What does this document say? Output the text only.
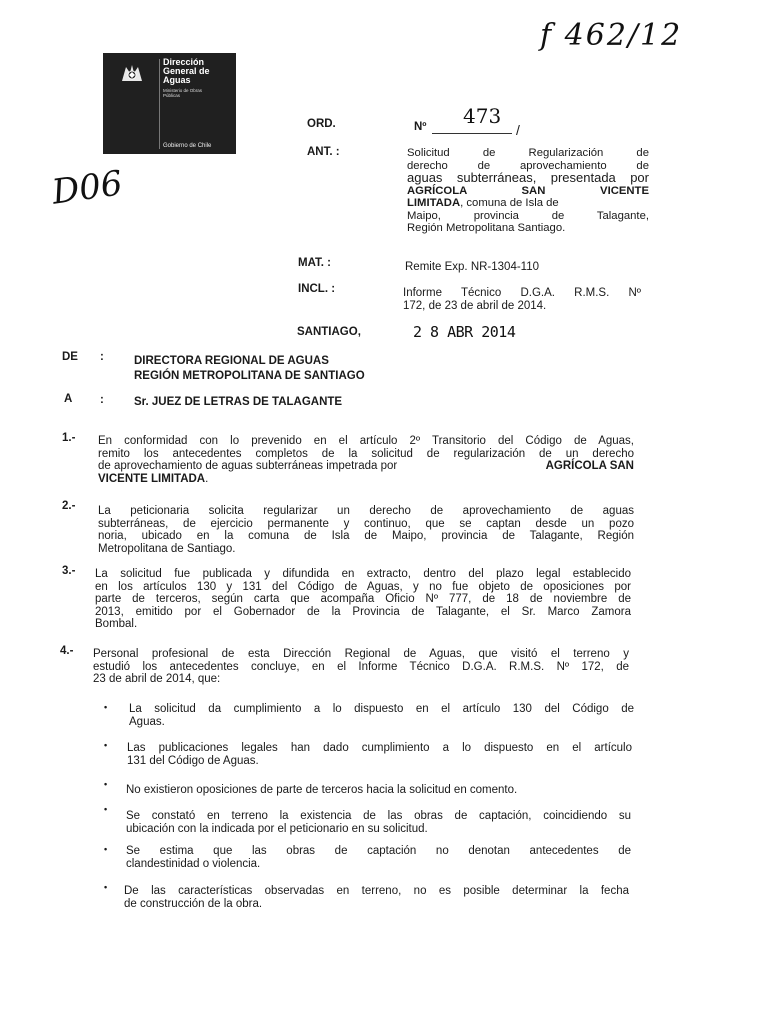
Dirección
General de
Aguas
Ministerio de Obras Públicas
Gobierno de Chile
f 462/12
D06
ORD.	Nº 473
/
ANT. :	Solicitud de Regularización de
derecho de aprovechamiento de
aguas subterráneas, presentada por
AGRÍCOLA SAN VICENTE
LIMITADA, comuna de Isla de
Maipo, provincia de Talagante,
Región Metropolitana Santiago.
MAT. :	Remite Exp. NR-1304-110
INCL. :	Informe Técnico D.G.A. R.M.S. Nº
172, de 23 de abril de 2014.
SANTIAGO,	2 8 ABR 2014
DE :	DIRECTORA REGIONAL DE AGUAS
REGIÓN METROPOLITANA DE SANTIAGO
A :	Sr. JUEZ DE LETRAS DE TALAGANTE
1.- En conformidad con lo prevenido en el artículo 2º Transitorio del Código de Aguas,
remito los antecedentes completos de la solicitud de regularización de un derecho
de aprovechamiento de aguas subterráneas impetrada por	AGRÍCOLA SAN
VICENTE LIMITADA.
2.- La peticionaria solicita regularizar un derecho de aprovechamiento de aguas
subterráneas, de ejercicio permanente y continuo, que se captan desde un pozo
noria, ubicado en la comuna de Isla de Maipo, provincia de Talagante, Región
Metropolitana de Santiago.
3.- La solicitud fue publicada y difundida en extracto, dentro del plazo legal establecido
en los artículos 130 y 131 del Código de Aguas, y no fue objeto de oposiciones por
parte de terceros, según carta que acompaña Oficio Nº 777, de 18 de noviembre de
2013, emitido por el Gobernador de la Provincia de Talagante, el Sr. Marco Zamora
Bombal.
4.- Personal profesional de esta Dirección Regional de Aguas, que visitó el terreno y
estudió los antecedentes concluye, en el Informe Técnico D.G.A. R.M.S. Nº 172, de
23 de abril de 2014, que:
• La solicitud da cumplimiento a lo dispuesto en el artículo 130 del Código de
Aguas.
• Las publicaciones legales han dado cumplimiento a lo dispuesto en el artículo
131 del Código de Aguas.
• No existieron oposiciones de parte de terceros hacia la solicitud en comento.
•
Se constató en terreno la existencia de las obras de captación, coincidiendo su
ubicación con la indicada por el peticionario en su solicitud.
• Se estima que las obras de captación no denotan antecedentes de
clandestinidad o violencia.
• De las características observadas en terreno, no es posible determinar la fecha
de construcción de la obra.
